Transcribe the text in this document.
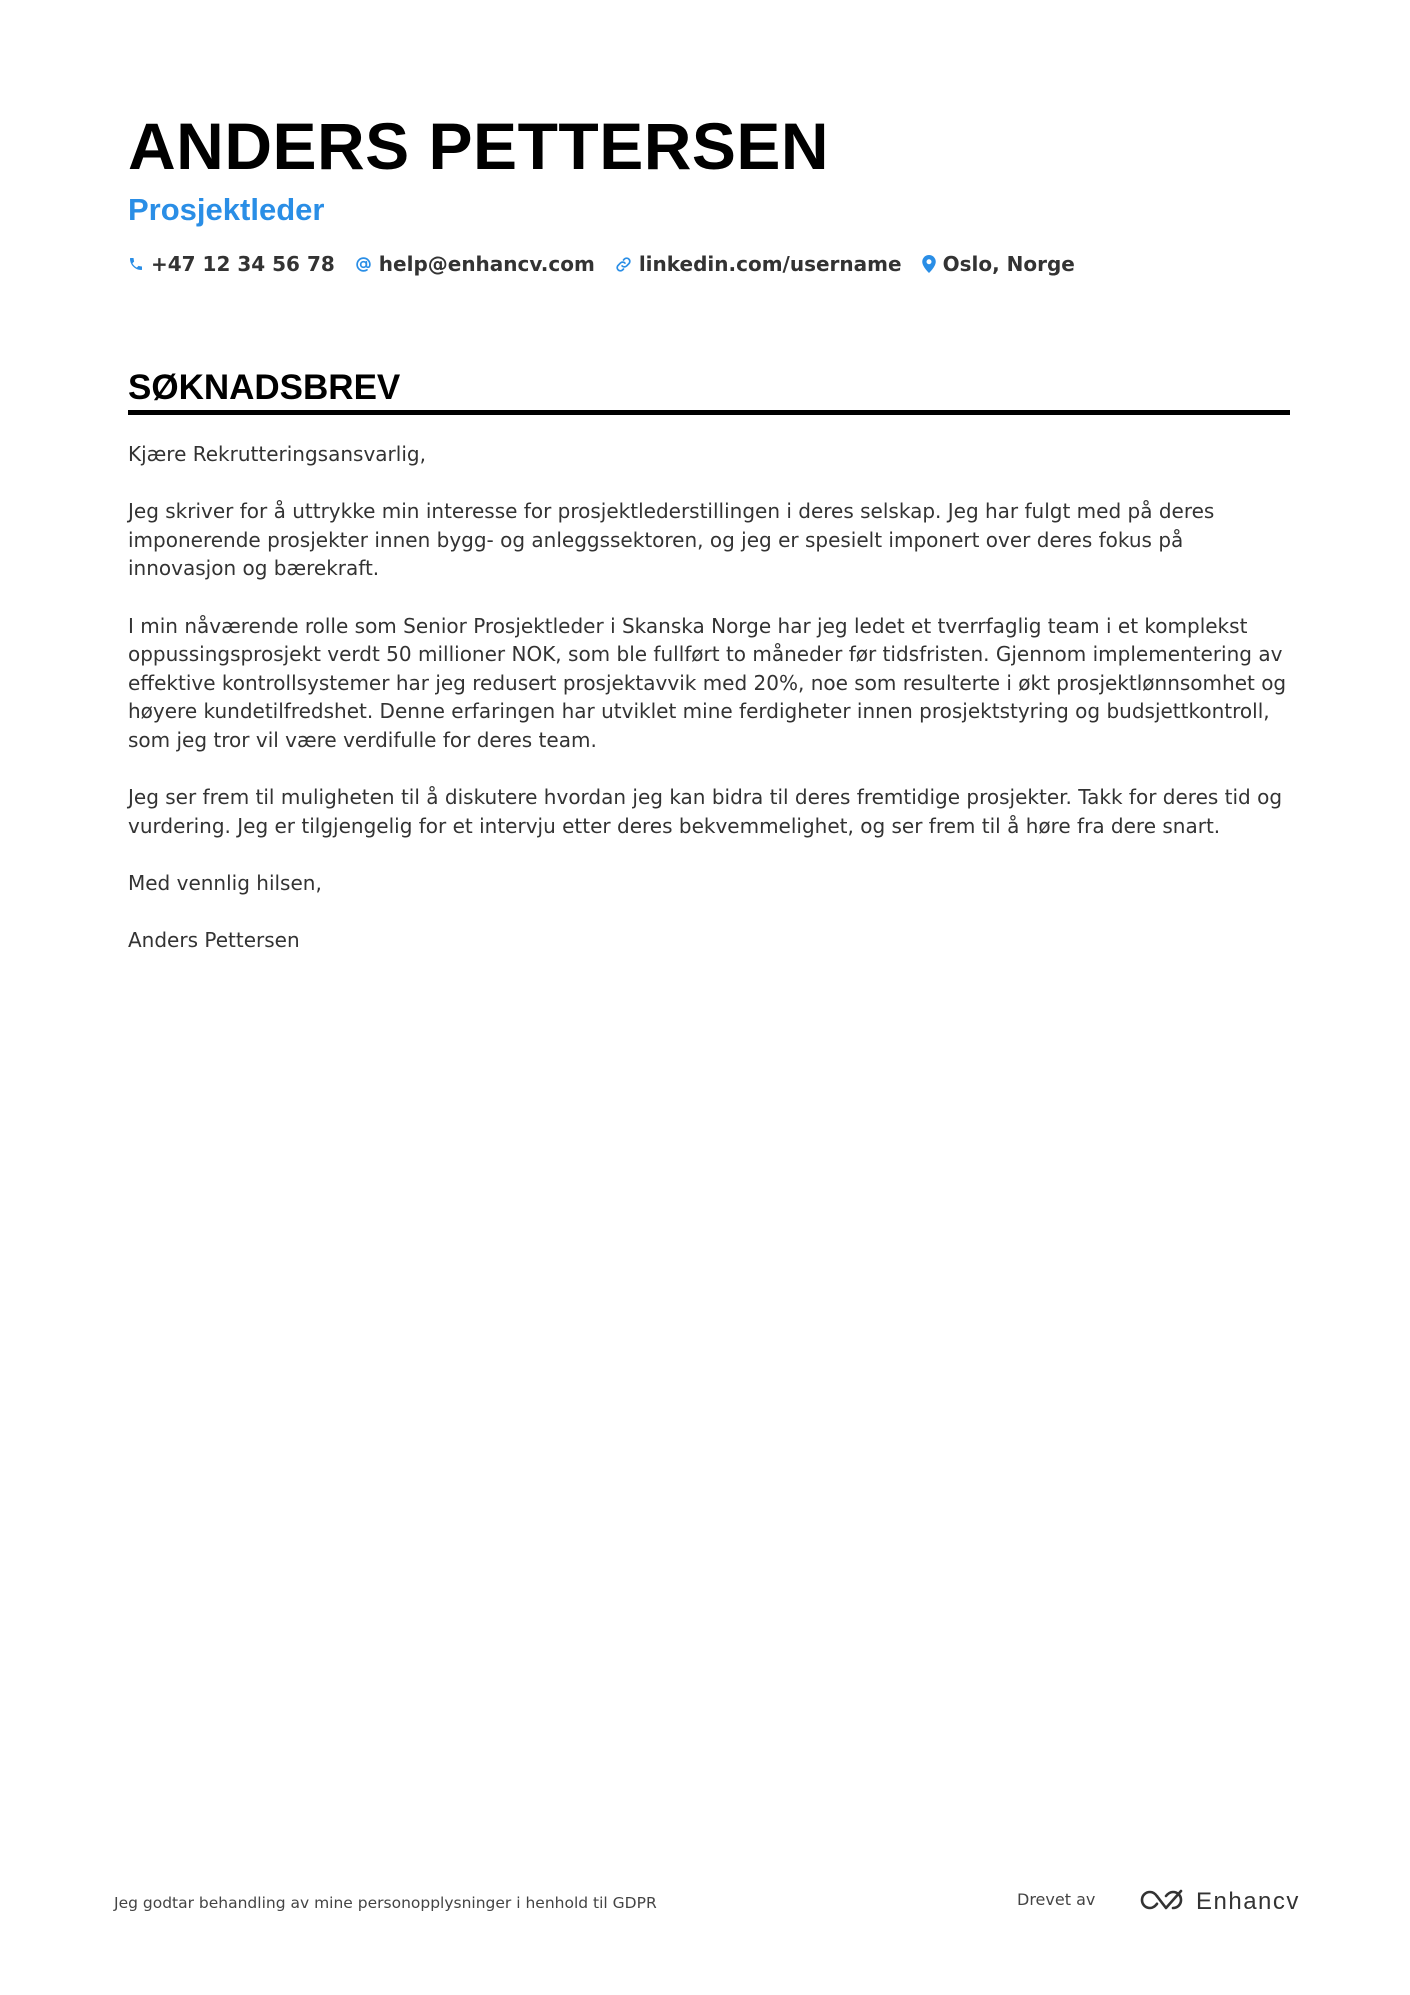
ANDERS PETTERSEN
Prosjektleder
+47 12 34 56 78 help@enhancv.com linkedin.com/username Oslo, Norge
SØKNADSBREV

Kjære Rekrutteringsansvarlig,

Jeg skriver for å uttrykke min interesse for prosjektlederstillingen i deres selskap. Jeg har fulgt med på deres imponerende prosjekter innen bygg- og anleggssektoren, og jeg er spesielt imponert over deres fokus på innovasjon og bærekraft.

I min nåværende rolle som Senior Prosjektleder i Skanska Norge har jeg ledet et tverrfaglig team i et komplekst oppussingsprosjekt verdt 50 millioner NOK, som ble fullført to måneder før tidsfristen. Gjennom implementering av effektive kontrollsystemer har jeg redusert prosjektavvik med 20%, noe som resulterte i økt prosjektlønnsomhet og høyere kundetilfredshet. Denne erfaringen har utviklet mine ferdigheter innen prosjektstyring og budsjettkontroll, som jeg tror vil være verdifulle for deres team.

Jeg ser frem til muligheten til å diskutere hvordan jeg kan bidra til deres fremtidige prosjekter. Takk for deres tid og vurdering. Jeg er tilgjengelig for et intervju etter deres bekvemmelighet, og ser frem til å høre fra dere snart.

Med vennlig hilsen,

Anders Pettersen

Jeg godtar behandling av mine personopplysninger i henhold til GDPR	Drevet av	Enhancv
